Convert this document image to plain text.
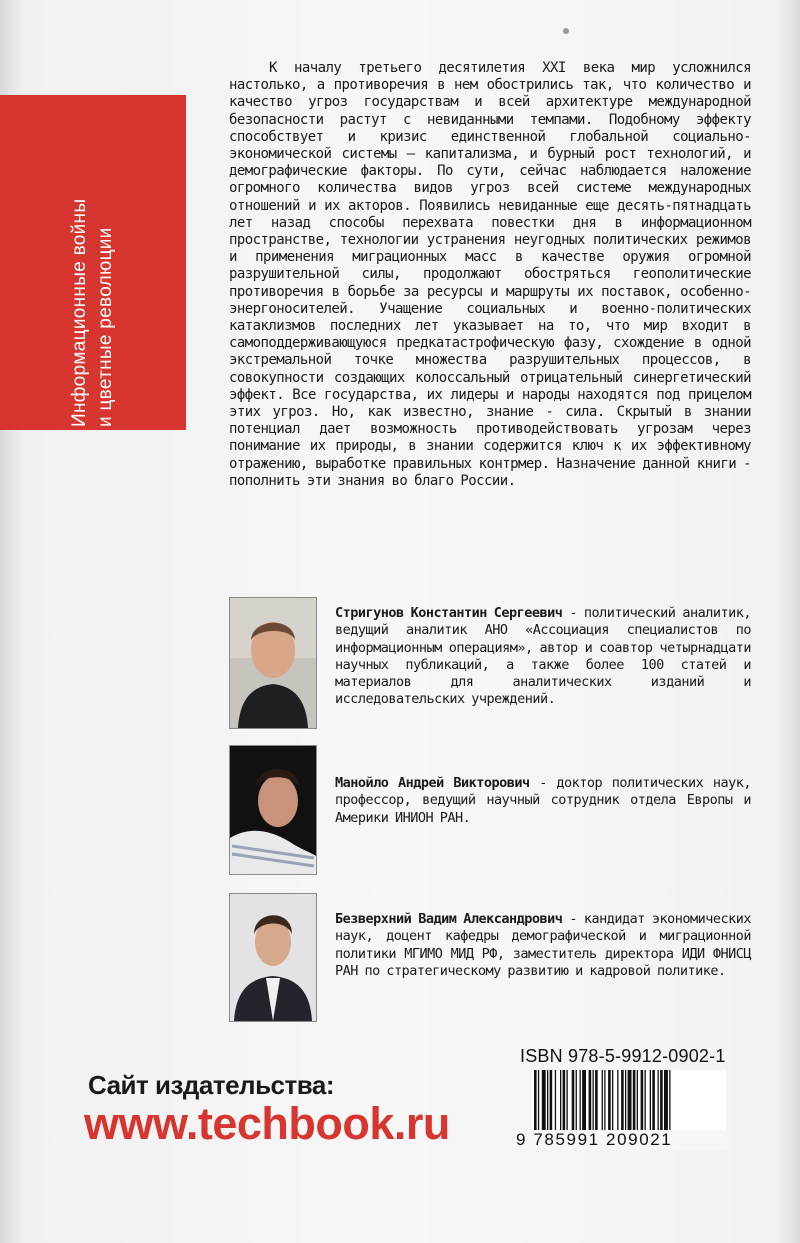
Информационные войны и цветные революции
К началу третьего десятилетия XXI века мир усложнился настолько, а противоречия в нем обострились так, что количество и качество угроз государствам и всей архитектуре международной безопасности растут с невиданными темпами. Подобному эффекту способствует и кризис единственной глобальной социально-экономической системы — капитализма, и бурный рост технологий, и демографические факторы. По сути, сейчас наблюдается наложение огромного количества видов угроз всей системе международных отношений и их акторов. Появились невиданные еще десять-пятнадцать лет назад способы перехвата повестки дня в информационном пространстве, технологии устранения неугодных политических режимов и применения миграционных масс в качестве оружия огромной разрушительной силы, продолжают обостряться геополитические противоречия в борьбе за ресурсы и маршруты их поставок, особенно-энергоносителей. Учащение социальных и военно-политических катаклизмов последних лет указывает на то, что мир входит в самоподдерживающуюся предкатастрофическую фазу, схождение в одной экстремальной точке множества разрушительных процессов, в совокупности создающих колоссальный отрицательный синергетический эффект. Все государства, их лидеры и народы находятся под прицелом этих угроз. Но, как известно, знание - сила. Скрытый в знании потенциал дает возможность противодействовать угрозам через понимание их природы, в знании содержится ключ к их эффективному отражению, выработке правильных контрмер. Назначение данной книги - пополнить эти знания во благо России.
Стригунов Константин Сергеевич - политический аналитик, ведущий аналитик АНО «Ассоциация специалистов по информационным операциям», автор и соавтор четырнадцати научных публикаций, а также более 100 статей и материалов для аналитических изданий и исследовательских учреждений.
Манойло Андрей Викторович - доктор политических наук, профессор, ведущий научный сотрудник отдела Европы и Америки ИНИОН РАН.
Безверхний Вадим Александрович - кандидат экономических наук, доцент кафедры демографической и миграционной политики МГИМО МИД РФ, заместитель директора ИДИ ФНИСЦ РАН по стратегическому развитию и кадровой политике.
Сайт издательства:
www.techbook.ru
ISBN 978-5-9912-0902-1
9 785991 209021
